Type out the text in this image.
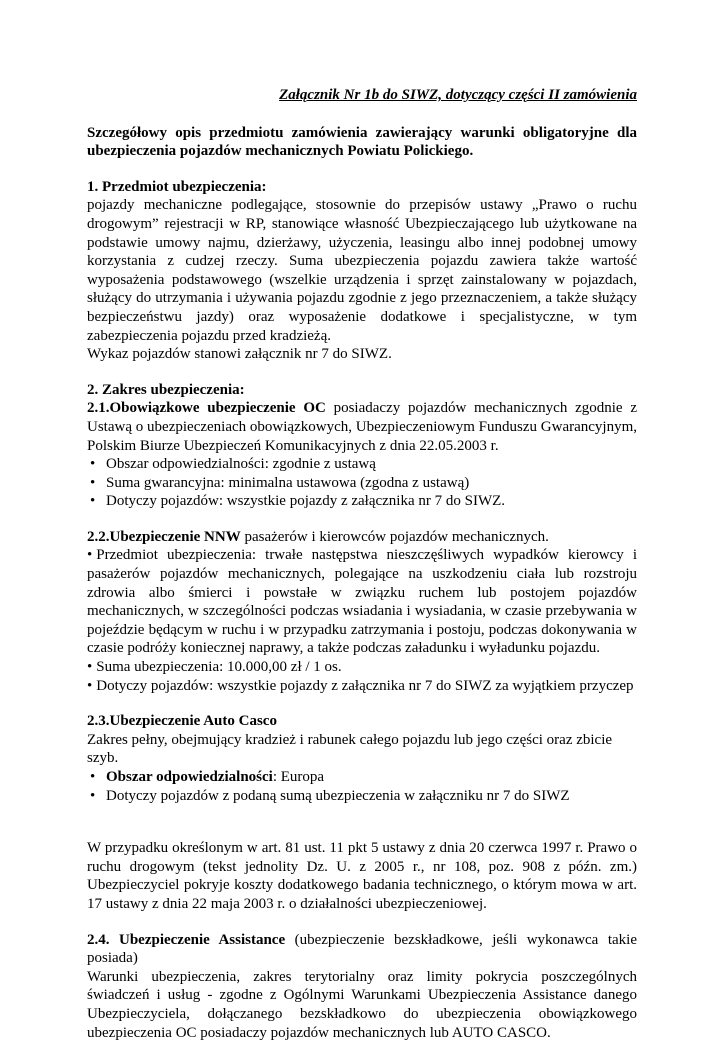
Załącznik Nr 1b do SIWZ, dotyczący części II zamówienia

Szczegółowy opis przedmiotu zamówienia zawierający warunki obligatoryjne dla ubezpieczenia pojazdów mechanicznych Powiatu Polickiego.

1. Przedmiot ubezpieczenia:

pojazdy mechaniczne podlegające, stosownie do przepisów ustawy „Prawo o ruchu drogowym” rejestracji w RP, stanowiące własność Ubezpieczającego lub użytkowane na podstawie umowy najmu, dzierżawy, użyczenia, leasingu albo innej podobnej umowy korzystania z cudzej rzeczy. Suma ubezpieczenia pojazdu zawiera także wartość wyposażenia podstawowego (wszelkie urządzenia i sprzęt zainstalowany w pojazdach, służący do utrzymania i używania pojazdu zgodnie z jego przeznaczeniem, a także służący bezpieczeństwu jazdy) oraz wyposażenie dodatkowe i specjalistyczne, w tym zabezpieczenia pojazdu przed kradzieżą.

Wykaz pojazdów stanowi załącznik nr 7 do SIWZ.

2. Zakres ubezpieczenia:

2.1.Obowiązkowe ubezpieczenie OC posiadaczy pojazdów mechanicznych zgodnie z Ustawą o ubezpieczeniach obowiązkowych, Ubezpieczeniowym Funduszu Gwarancyjnym, Polskim Biurze Ubezpieczeń Komunikacyjnych z dnia 22.05.2003 r.

• Obszar odpowiedzialności: zgodnie z ustawą
• Suma gwarancyjna: minimalna ustawowa (zgodna z ustawą)
• Dotyczy pojazdów: wszystkie pojazdy z załącznika nr 7 do SIWZ.

2.2.Ubezpieczenie NNW pasażerów i kierowców pojazdów mechanicznych.

• Przedmiot ubezpieczenia: trwałe następstwa nieszczęśliwych wypadków kierowcy i pasażerów pojazdów mechanicznych, polegające na uszkodzeniu ciała lub rozstroju zdrowia albo śmierci i powstałe w związku ruchem lub postojem pojazdów mechanicznych, w szczególności podczas wsiadania i wysiadania, w czasie przebywania w pojeździe będącym w ruchu i w przypadku zatrzymania i postoju, podczas dokonywania w czasie podróży koniecznej naprawy, a także podczas załadunku i wyładunku pojazdu.

• Suma ubezpieczenia: 10.000,00 zł / 1 os.

• Dotyczy pojazdów: wszystkie pojazdy z załącznika nr 7 do SIWZ za wyjątkiem przyczep

2.3.Ubezpieczenie Auto Casco

Zakres pełny, obejmujący kradzież i rabunek całego pojazdu lub jego części oraz zbicie szyb.

• Obszar odpowiedzialności: Europa
• Dotyczy pojazdów z podaną sumą ubezpieczenia w załączniku nr 7 do SIWZ

W przypadku określonym w art. 81 ust. 11 pkt 5 ustawy z dnia 20 czerwca 1997 r. Prawo o ruchu drogowym (tekst jednolity Dz. U. z 2005 r., nr 108, poz. 908 z późn. zm.) Ubezpieczyciel pokryje koszty dodatkowego badania technicznego, o którym mowa w art. 17 ustawy z dnia 22 maja 2003 r. o działalności ubezpieczeniowej.

2.4. Ubezpieczenie Assistance (ubezpieczenie bezskładkowe, jeśli wykonawca takie posiada)

Warunki ubezpieczenia, zakres terytorialny oraz limity pokrycia poszczególnych świadczeń i usług - zgodne z Ogólnymi Warunkami Ubezpieczenia Assistance danego Ubezpieczyciela, dołączanego bezskładkowo do ubezpieczenia obowiązkowego ubezpieczenia OC posiadaczy pojazdów mechanicznych lub AUTO CASCO.
